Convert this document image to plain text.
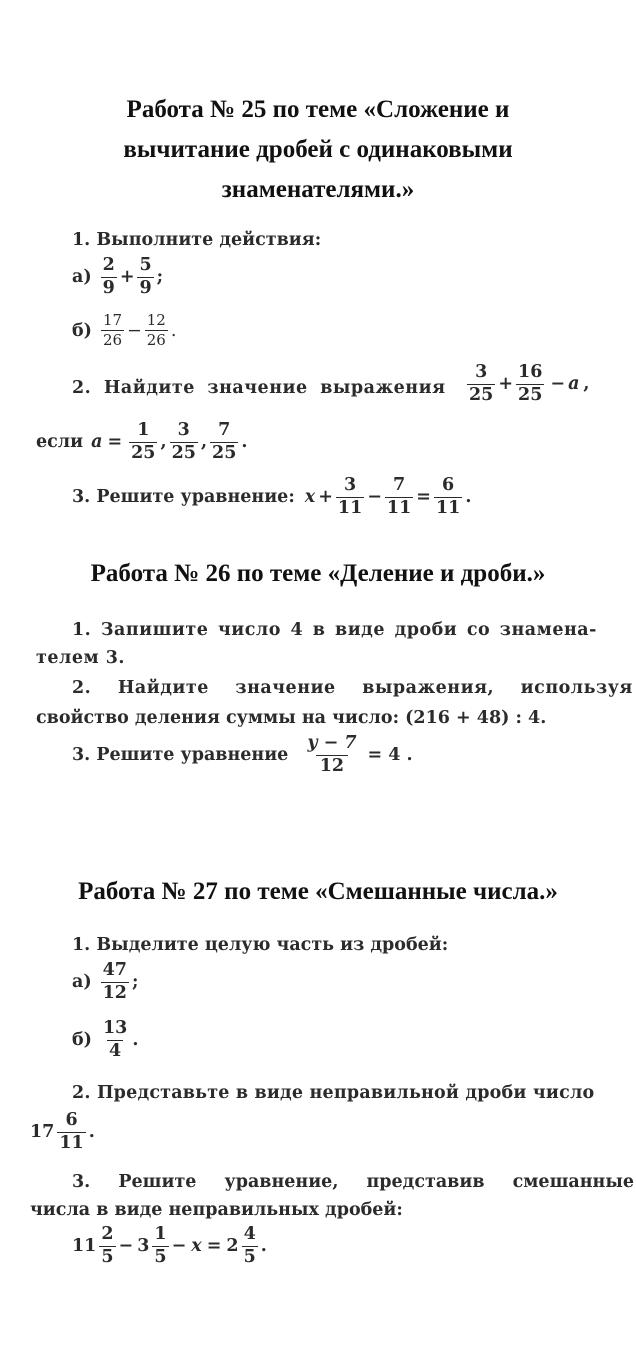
Работа № 25 по теме «Сложение и
вычитание дробей с одинаковыми
знаменателями.»
1. Выполните действия:
$а) \frac{2}{9} + \frac{5}{9}$ ;
$б) \frac{17}{26} - \frac{12}{26}$ .
2. Найдите значение выражения $\frac{3}{25} + \frac{16}{25} - a$ ,
если $a = \frac{1}{25}$ , $\frac{3}{25}$ , $\frac{7}{25}$ .
3. Решите уравнение: $x + \frac{3}{11} - \frac{7}{11} = \frac{6}{11}$ .
Работа № 26 по теме «Деление и дроби.»
1. Запишите число 4 в виде дроби со знамена-
телем 3.
2. Найдите значение выражения, используя
свойство деления суммы на число: (216 + 48) : 4.
3. Решите уравнение $\frac{y - 7}{12} = 4$ .
Работа № 27 по теме «Смешанные числа.»
1. Выделите целую часть из дробей:
$а) \frac{47}{12}$ ;
$б) \frac{13}{4}$ .
2. Представьте в виде неправильной дроби число
$17 \frac{6}{11}$ .
3. Решите уравнение, представив смешанные
числа в виде неправильных дробей:
$11 \frac{2}{5} - 3 \frac{1}{5} - x = 2 \frac{4}{5}$ .
